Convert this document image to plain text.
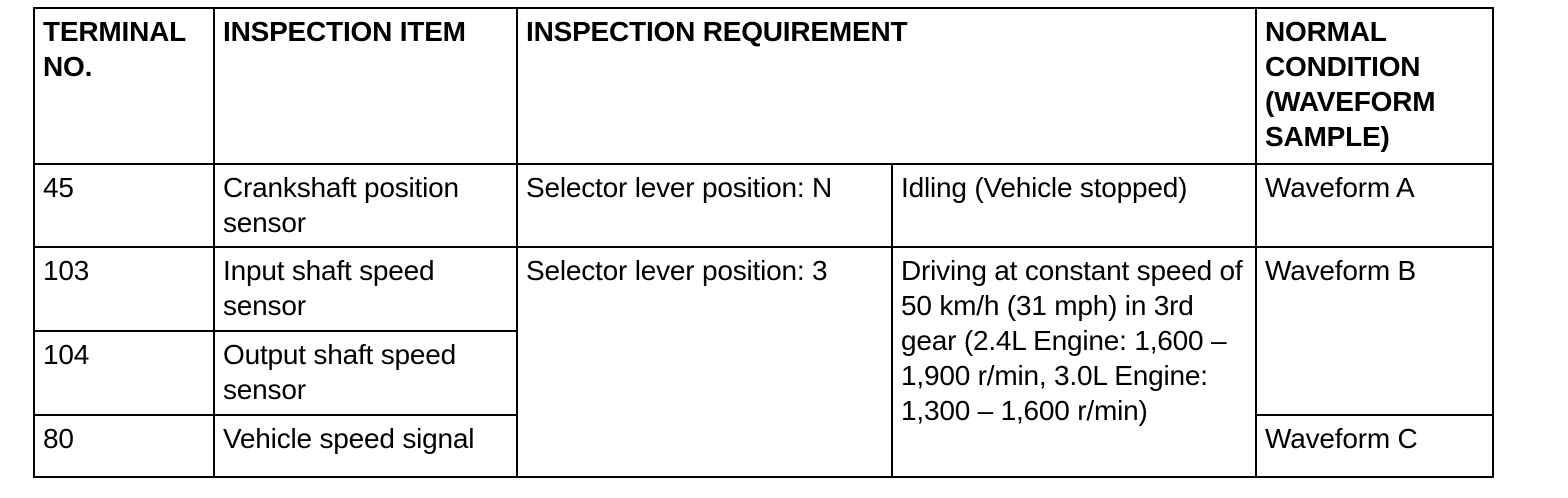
TERMINAL NO.	INSPECTION ITEM	INSPECTION REQUIREMENT		NORMAL CONDITION (WAVEFORM SAMPLE)

45	Crankshaft position sensor	Selector lever position: N	Idling (Vehicle stopped)	Waveform A
103	Input shaft speed sensor	Selector lever position: 3	Driving at constant speed of 50 km/h (31 mph) in 3rd gear (2.4L Engine: 1,600 – 1,900 r/min, 3.0L Engine: 1,300 – 1,600 r/min)	Waveform B
104	Output shaft speed sensor			
80	Vehicle speed signal			Waveform C
